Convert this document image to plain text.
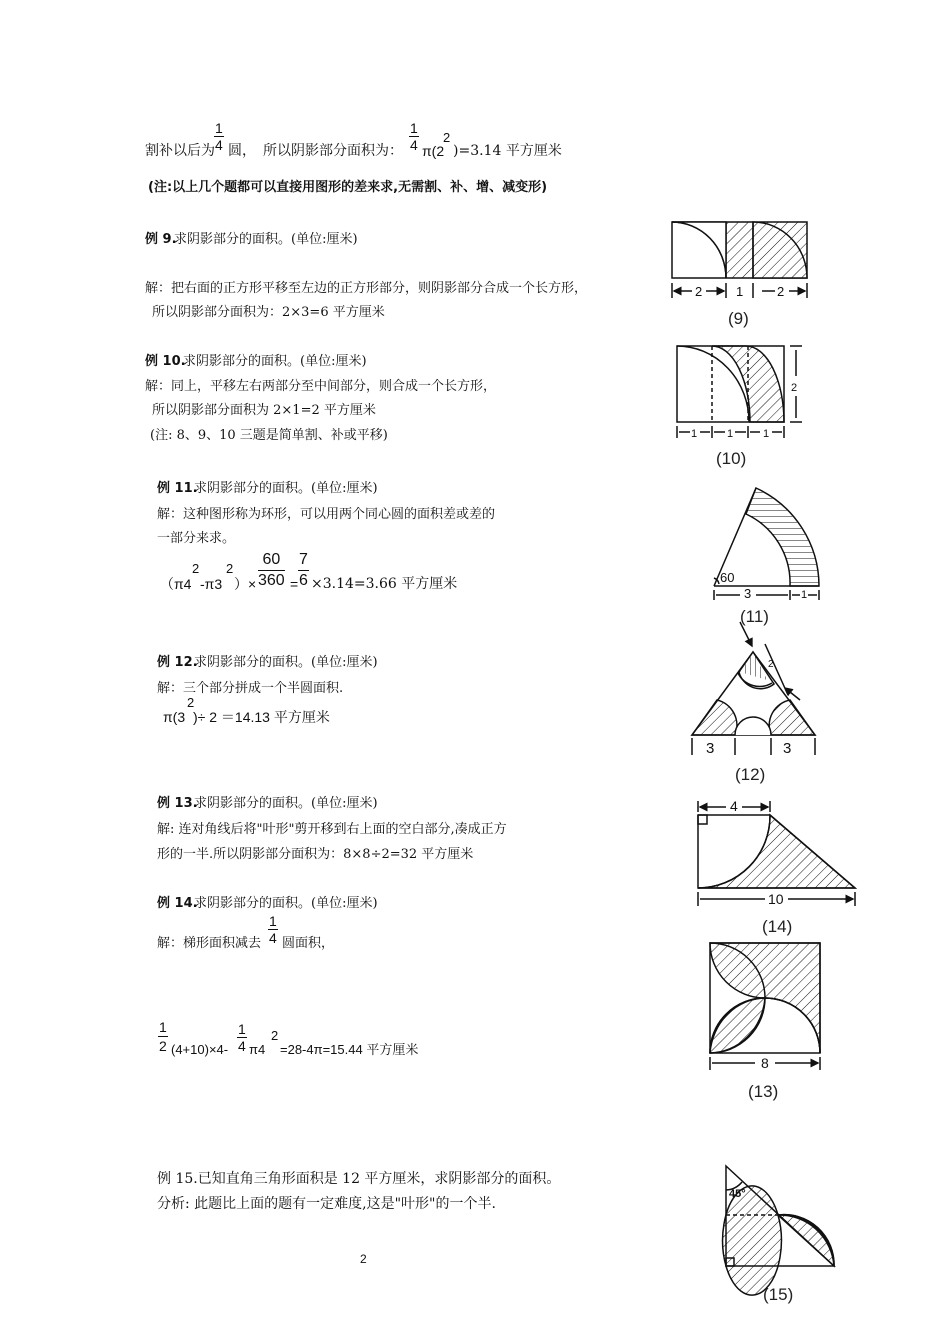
割补以后为 $\frac{1}{4}$ 圆，　所以阴影部分面积为： $\frac{1}{4} \pi(2$
2
)=3.14 平方厘米
(注:以上几个题都可以直接用图形的差来求,无需割、补、增、减变形)
例 9.
求阴影部分的面积。(单位:厘米)
解：把右面的正方形平移至左边的正方形部分，则阴影部分合成一个长方形，
所以阴影部分面积为：2×3=6 平方厘米
例 10.
求阴影部分的面积。(单位:厘米)
解：同上，平移左右两部分至中间部分，则合成一个长方形，
所以阴影部分面积为 2×1=2 平方厘米
(注: 8、9、10 三题是简单割、补或平移)
例 11.
求阴影部分的面积。(单位:厘米)
解：这种图形称为环形，可以用两个同心圆的面积差或差的
一部分来求。
（π4
2
-π3
2
）× $\frac{60}{360} = \frac{7}{6} \times 3.14=3.66$ 平方厘米
例 12.
求阴影部分的面积。(单位:厘米)
解：三个部分拼成一个半圆面积.
π(3
2
)÷ 2 ＝14.13 平方厘米
例 13.
求阴影部分的面积。(单位:厘米)
解: 连对角线后将"叶形"剪开移到右上面的空白部分,凑成正方
形的一半.所以阴影部分面积为：8×8÷2=32 平方厘米
例 14.
求阴影部分的面积。(单位:厘米)
解：梯形面积减去 $\frac{1}{4}$ 圆面积，
$\frac{1}{2} (4+10)\times 4- \frac{1}{4} \pi 4$
2
=28-4π=15.44 平方厘米
例 15.已知直角三角形面积是 12 平方厘米，求阴影部分的面积。
分析: 此题比上面的题有一定难度,这是"叶形"的一个半.
2
2	1	2
(9)
1	1	1
2
(10)
60
3	1
(11)
3	3
2
(12)
4
10
(14)
8
(13)
45°
(15)
